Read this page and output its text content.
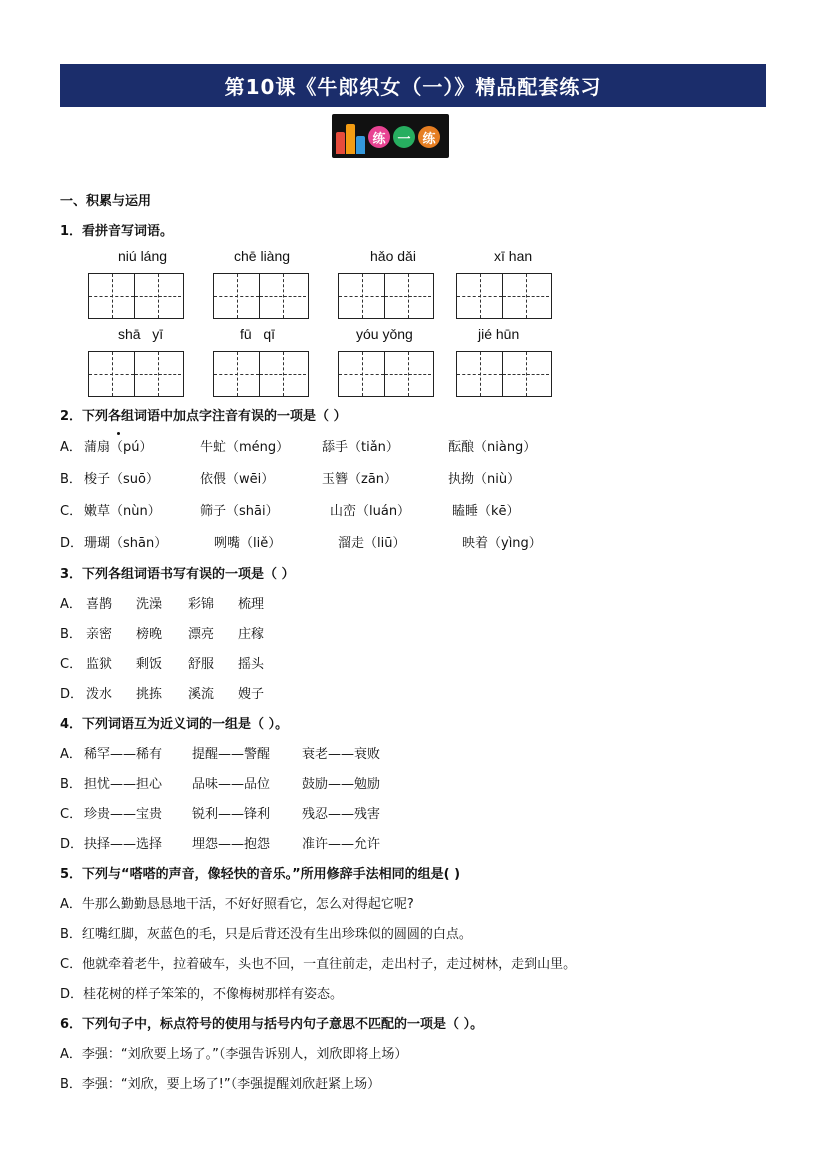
第10课《牛郎织女（一）》精品配套练习
练 一 练
一、积累与运用
1．看拼音写词语。
niú láng	chē liàng	hǎo dǎi	xī han
shā   yī	fū   qī	yóu yǒng	jié hūn
2．下列各组词语中加点字注音有误的一项是（ ）
A． 蒲扇（pú）	牛虻（méng）	舔手（tiǎn）	酝酿（niàng）
B． 梭子（suō）	依偎（wēi）	玉簪（zān）	执拗（niù）
C． 嫩草（nùn）	筛子（shāi）	山峦（luán）	瞌睡（kē）
D． 珊瑚（shān）	咧嘴（liě）	溜走（liū）	映着（yìng）
3．下列各组词语书写有误的一项是（ ）
A． 喜鹊 洗澡 彩锦 梳理
B． 亲密 榜晚 漂亮 庄稼
C． 监狱 剩饭 舒服 摇头
D． 泼水 挑拣 溪流 嫂子
4．下列词语互为近义词的一组是（ ）。
A． 稀罕——稀有 提醒——警醒 衰老——衰败
B． 担忧——担心 品味——品位 鼓励——勉励
C． 珍贵——宝贵 锐利——锋利 残忍——残害
D． 抉择——选择 埋怨——抱怨 准许——允许
5．下列与“嗒嗒的声音，像轻快的音乐。”所用修辞手法相同的组是( )
A．牛那么勤勤恳恳地干活，不好好照看它，怎么对得起它呢?
B．红嘴红脚，灰蓝色的毛，只是后背还没有生出珍珠似的圆圆的白点。
C．他就牵着老牛，拉着破车，头也不回，一直往前走，走出村子，走过树林，走到山里。
D．桂花树的样子笨笨的，不像梅树那样有姿态。
6．下列句子中，标点符号的使用与括号内句子意思不匹配的一项是（ ）。
A．李强：“刘欣要上场了。”（李强告诉别人，刘欣即将上场）
B．李强：“刘欣，要上场了!”（李强提醒刘欣赶紧上场）
